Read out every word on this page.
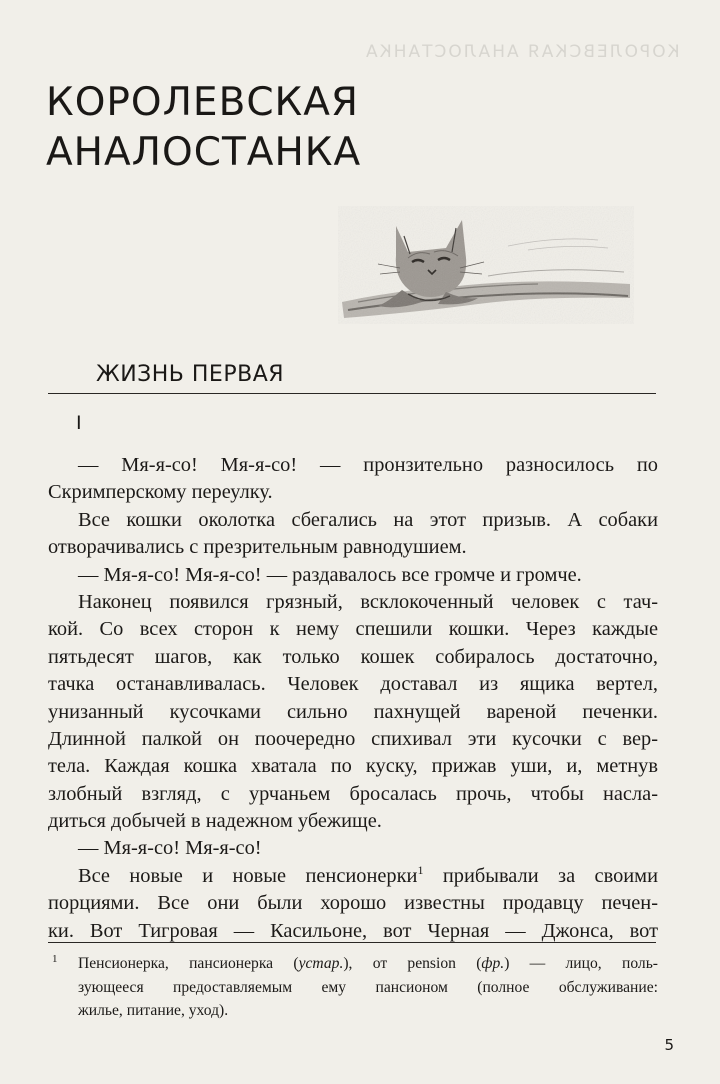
КОРОЛЕВСКАЯ АНАЛОСТАНКА
КОРОЛЕВСКАЯ
АНАЛОСТАНКА
ЖИЗНЬ ПЕРВАЯ
I
— Мя-я-со! Мя-я-со! — пронзительно разносилось по
Скримперскому переулку.
Все кошки околотка сбегались на этот призыв. А собаки
отворачивались с презрительным равнодушием.
— Мя-я-со! Мя-я-со! — раздавалось все громче и громче.
Наконец появился грязный, всклокоченный человек с тач-
кой. Со всех сторон к нему спешили кошки. Через каждые
пятьдесят шагов, как только кошек собиралось достаточно,
тачка останавливалась. Человек доставал из ящика вертел,
унизанный кусочками сильно пахнущей вареной печенки.
Длинной палкой он поочередно спихивал эти кусочки с вер-
тела. Каждая кошка хватала по куску, прижав уши, и, метнув
злобный взгляд, с урчаньем бросалась прочь, чтобы насла-
диться добычей в надежном убежище.
— Мя-я-со! Мя-я-со!
Все новые и новые пенсионерки$^1$ прибывали за своими
порциями. Все они были хорошо известны продавцу печен-
ки. Вот Тигровая — Касильоне, вот Черная — Джонса, вот
1	Пенсионерка, пансионерка (устар.), от pension (фр.) — лицо, поль-
зующееся предоставляемым ему пансионом (полное обслуживание:
жилье, питание, уход).
5
